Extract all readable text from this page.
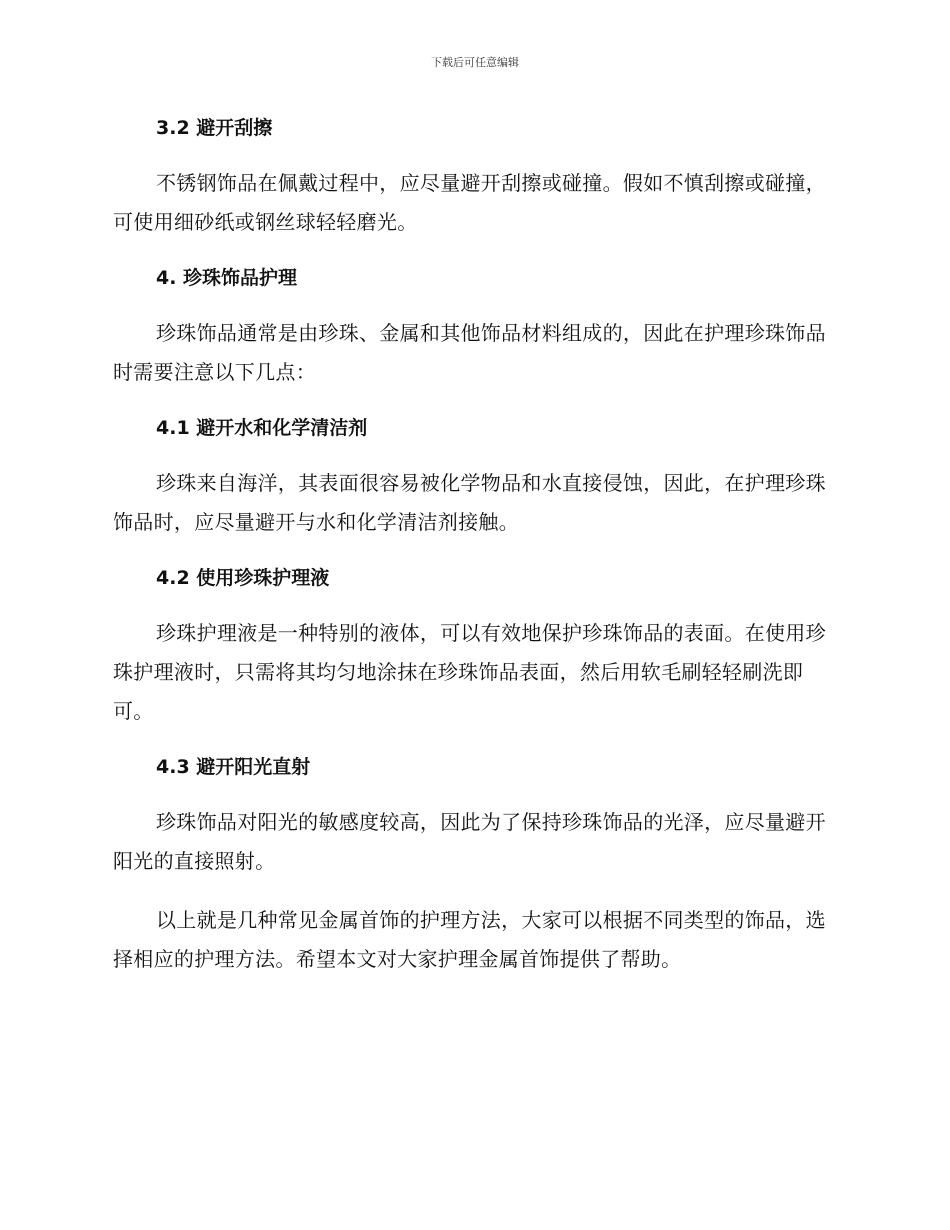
下载后可任意编辑
3.2 避开刮擦

不锈钢饰品在佩戴过程中，应尽量避开刮擦或碰撞。假如不慎刮擦或碰撞，可使用细砂纸或钢丝球轻轻磨光。

4. 珍珠饰品护理

珍珠饰品通常是由珍珠、金属和其他饰品材料组成的，因此在护理珍珠饰品时需要注意以下几点：

4.1 避开水和化学清洁剂

珍珠来自海洋，其表面很容易被化学物品和水直接侵蚀，因此，在护理珍珠饰品时，应尽量避开与水和化学清洁剂接触。

4.2 使用珍珠护理液

珍珠护理液是一种特别的液体，可以有效地保护珍珠饰品的表面。在使用珍珠护理液时，只需将其均匀地涂抹在珍珠饰品表面，然后用软毛刷轻轻刷洗即可。

4.3 避开阳光直射

珍珠饰品对阳光的敏感度较高，因此为了保持珍珠饰品的光泽，应尽量避开阳光的直接照射。

以上就是几种常见金属首饰的护理方法，大家可以根据不同类型的饰品，选择相应的护理方法。希望本文对大家护理金属首饰提供了帮助。
